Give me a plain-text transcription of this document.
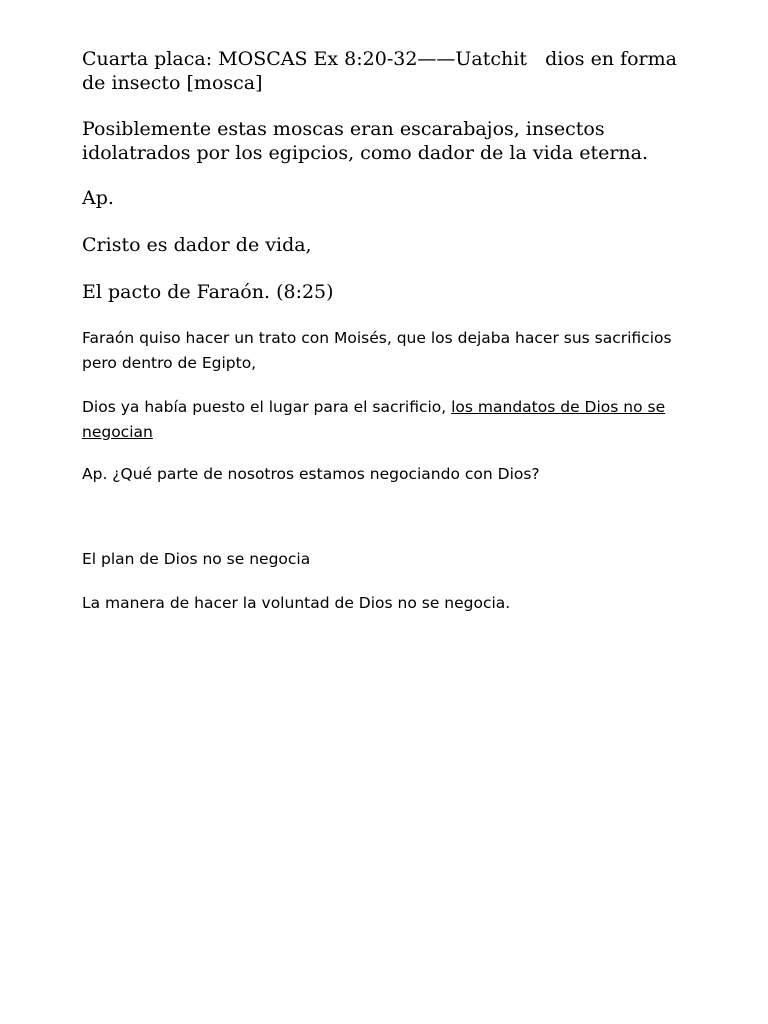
Cuarta placa: MOSCAS Ex 8:20-32——Uatchit   dios en forma
de insecto [mosca]

Posiblemente estas moscas eran escarabajos, insectos idolatrados por los egipcios, como dador de la vida eterna.

Ap.

Cristo es dador de vida,

El pacto de Faraón. (8:25)

Faraón quiso hacer un trato con Moisés, que los dejaba hacer sus sacrificios pero dentro de Egipto,

Dios ya había puesto el lugar para el sacrificio, los mandatos de Dios no se negocian

Ap. ¿Qué parte de nosotros estamos negociando con Dios?

El plan de Dios no se negocia

La manera de hacer la voluntad de Dios no se negocia.
